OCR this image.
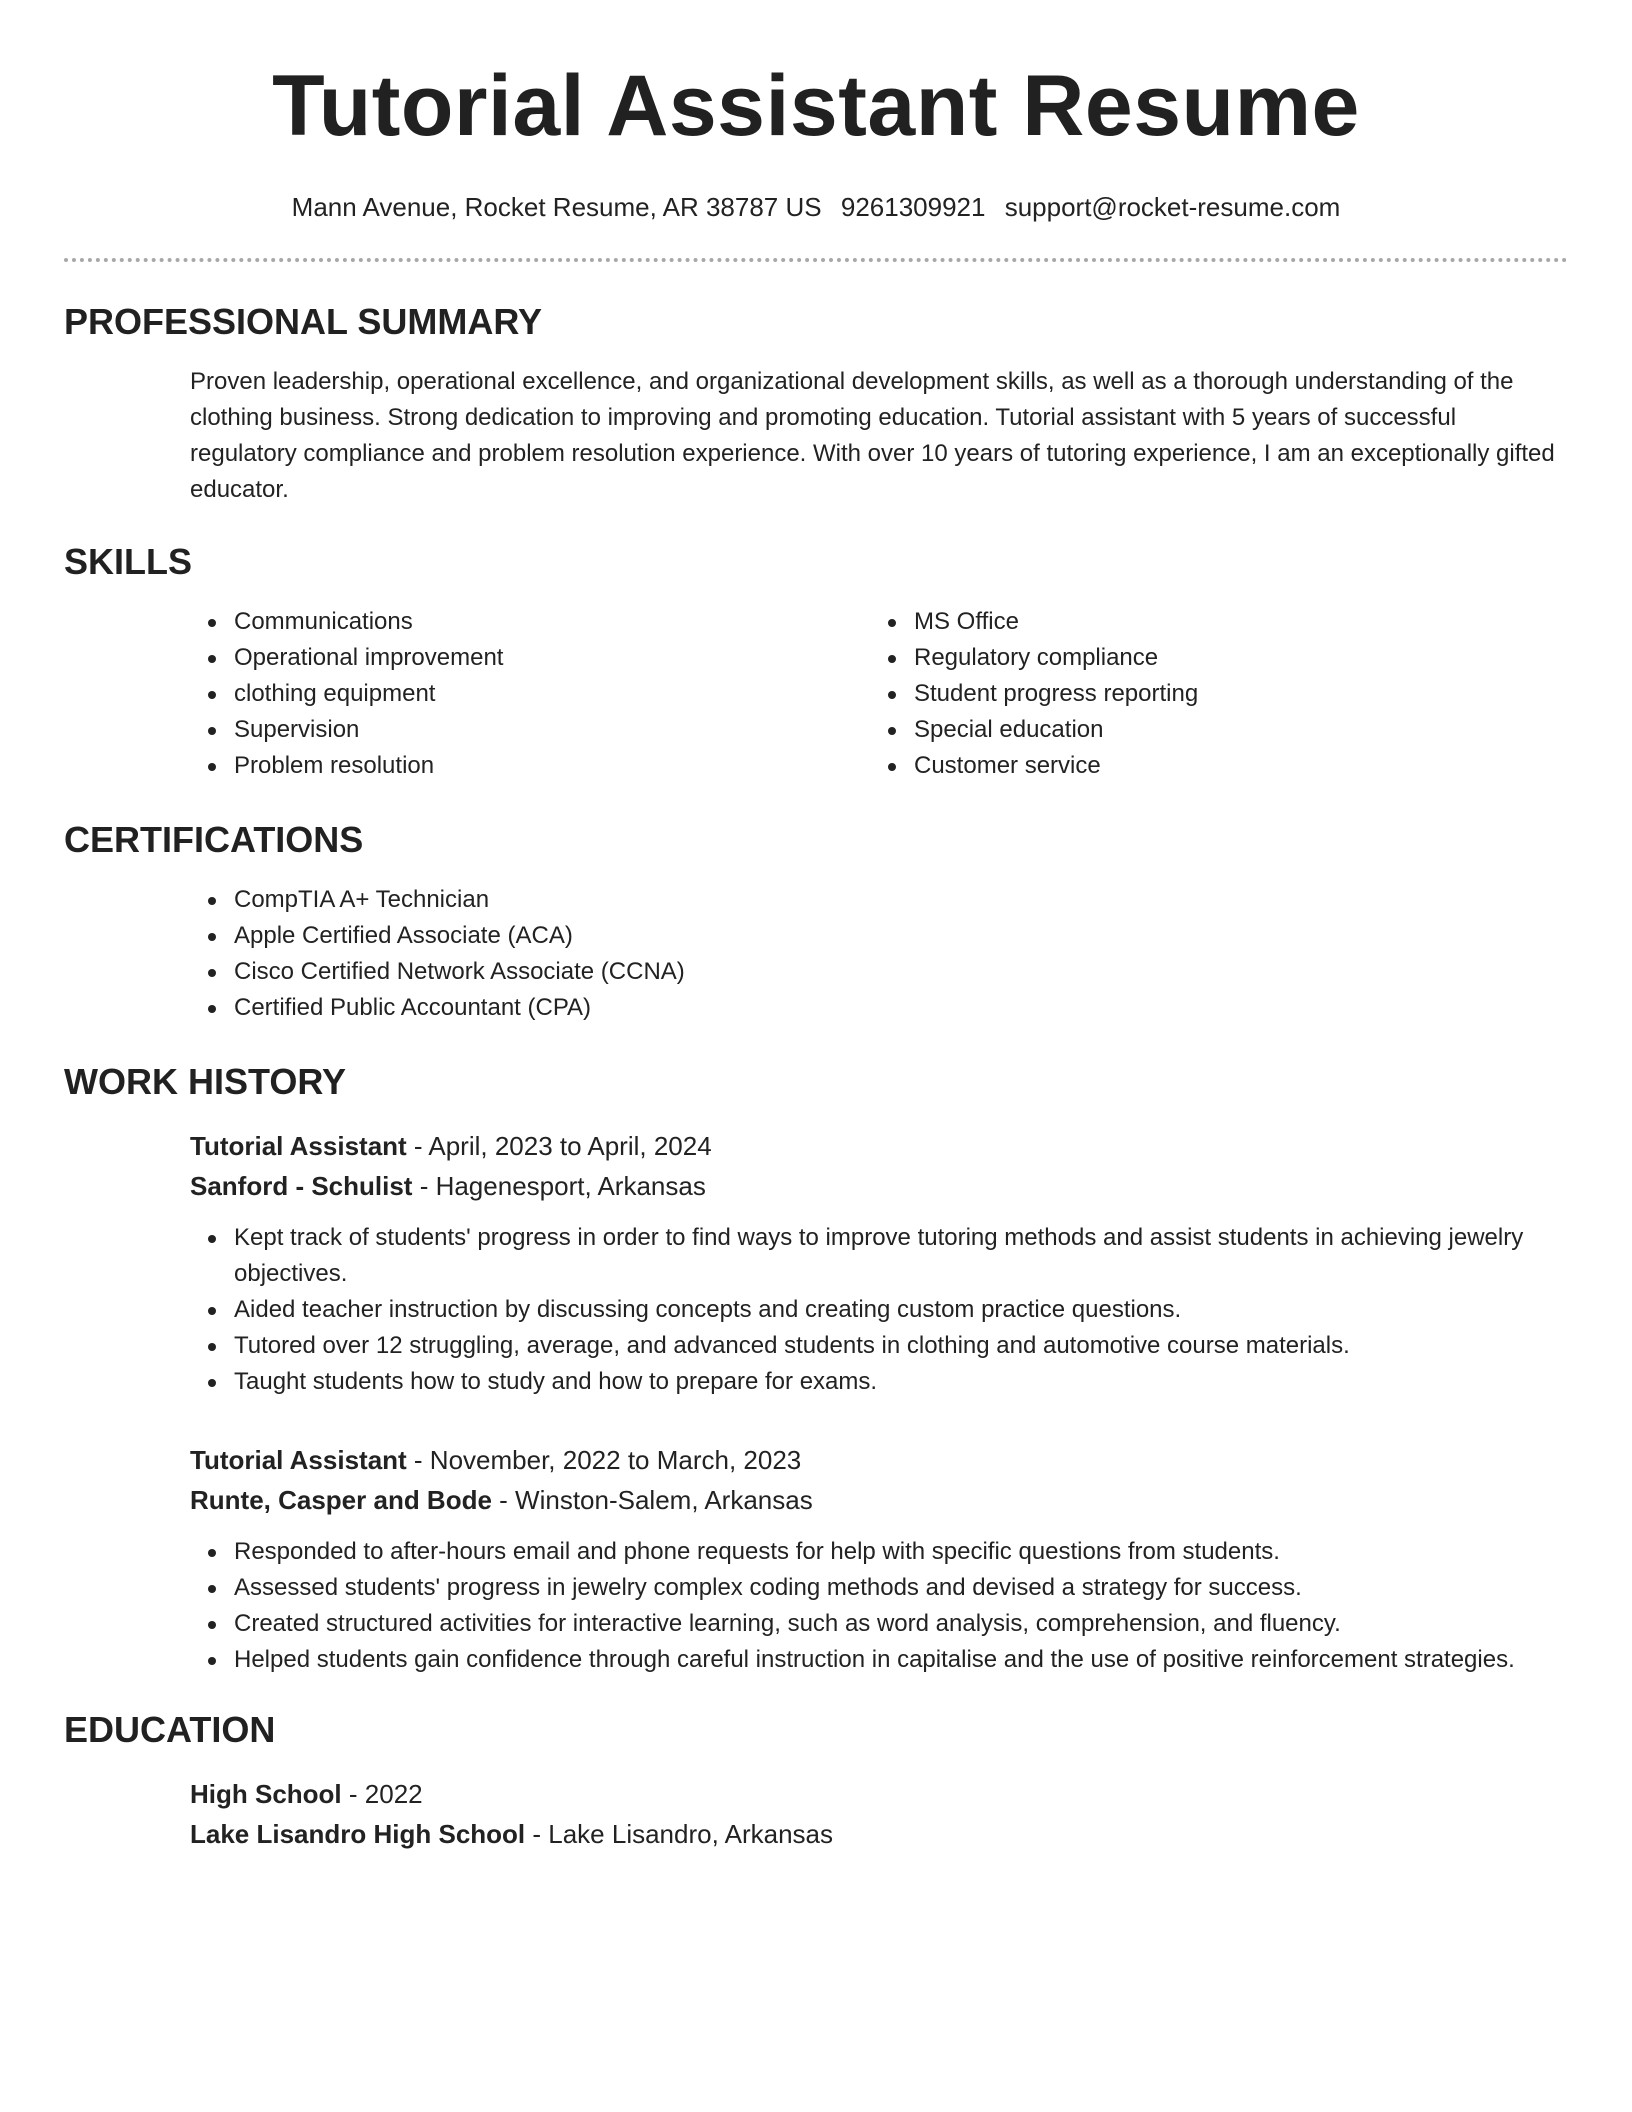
Tutorial Assistant Resume
Mann Avenue, Rocket Resume, AR 38787 US 9261309921 support@rocket-resume.com
PROFESSIONAL SUMMARY

Proven leadership, operational excellence, and organizational development skills, as well as a thorough understanding of the clothing business. Strong dedication to improving and promoting education. Tutorial assistant with 5 years of successful regulatory compliance and problem resolution experience. With over 10 years of tutoring experience, I am an exceptionally gifted educator.

SKILLS
Communications
Operational improvement
clothing equipment
Supervision
Problem resolution
MS Office
Regulatory compliance
Student progress reporting
Special education
Customer service
CERTIFICATIONS
CompTIA A+ Technician
Apple Certified Associate (ACA)
Cisco Certified Network Associate (CCNA)
Certified Public Accountant (CPA)
WORK HISTORY
Tutorial Assistant - April, 2023 to April, 2024
Sanford - Schulist - Hagenesport, Arkansas
Kept track of students' progress in order to find ways to improve tutoring methods and assist students in achieving jewelry objectives.
Aided teacher instruction by discussing concepts and creating custom practice questions.
Tutored over 12 struggling, average, and advanced students in clothing and automotive course materials.
Taught students how to study and how to prepare for exams.
Tutorial Assistant - November, 2022 to March, 2023
Runte, Casper and Bode - Winston-Salem, Arkansas
Responded to after-hours email and phone requests for help with specific questions from students.
Assessed students' progress in jewelry complex coding methods and devised a strategy for success.
Created structured activities for interactive learning, such as word analysis, comprehension, and fluency.
Helped students gain confidence through careful instruction in capitalise and the use of positive reinforcement strategies.
EDUCATION
High School - 2022
Lake Lisandro High School - Lake Lisandro, Arkansas
